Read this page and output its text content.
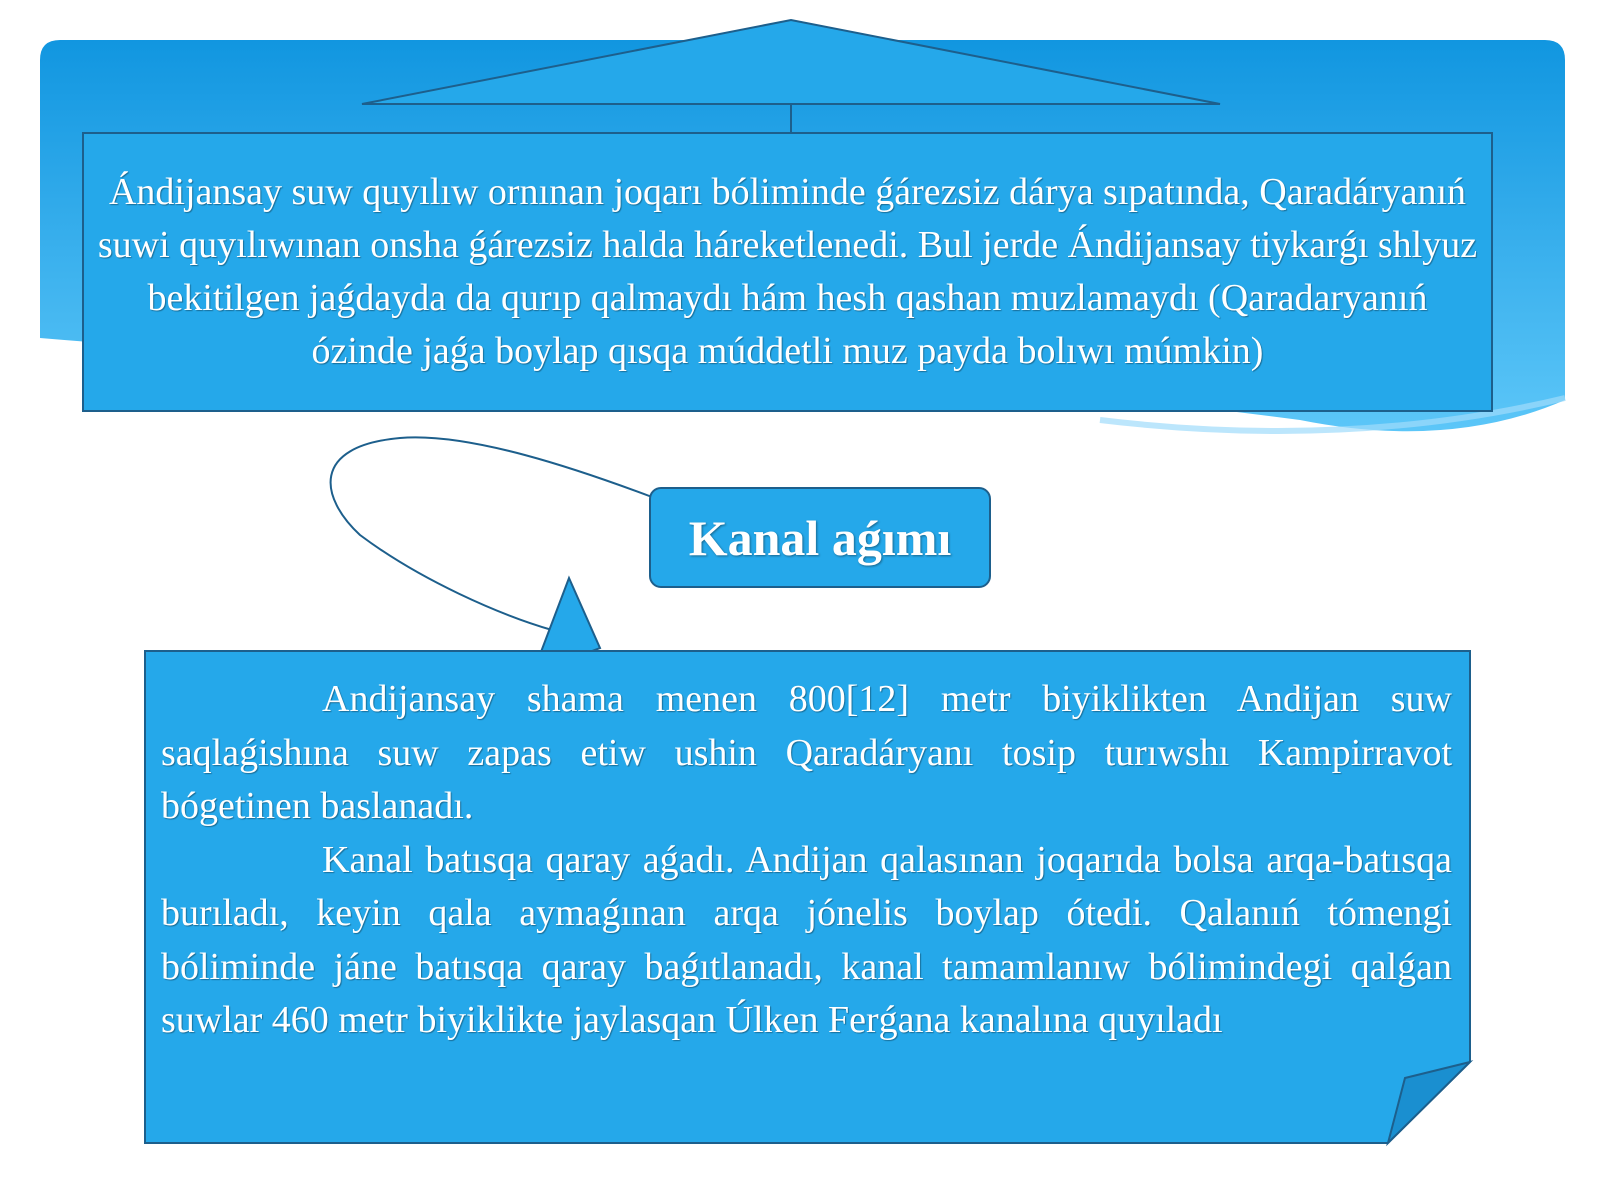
Ándijansay suw quyılıw ornınan joqarı bóliminde ǵárezsiz dárya sıpatında, Qaradáryanıń suwi quyılıwınan onsha ǵárezsiz halda háreketlenedi. Bul jerde Ándijansay tiykarǵı shlyuz bekitilgen jaǵdayda da qurıp qalmaydı hám hesh qashan muzlamaydı (Qaradaryanıń ózinde jaǵa boylap qısqa múddetli muz payda bolıwı múmkin)

Kanal aǵımı

Andijansay shama menen 800[12] metr biyiklikten Andijan suw saqlaǵishına suw zapas etiw ushin Qaradáryanı tosip turıwshı Kampirravot bógetinen baslanadı.

Kanal batısqa qaray aǵadı. Andijan qalasınan joqarıda bolsa arqa-batısqa burıladı, keyin qala aymaǵınan arqa jónelis boylap ótedi. Qalanıń tómengi bóliminde jáne batısqa qaray baǵıtlanadı, kanal tamamlanıw bólimindegi qalǵan suwlar 460 metr biyiklikte jaylasqan Úlken Ferǵana kanalına quyıladı
